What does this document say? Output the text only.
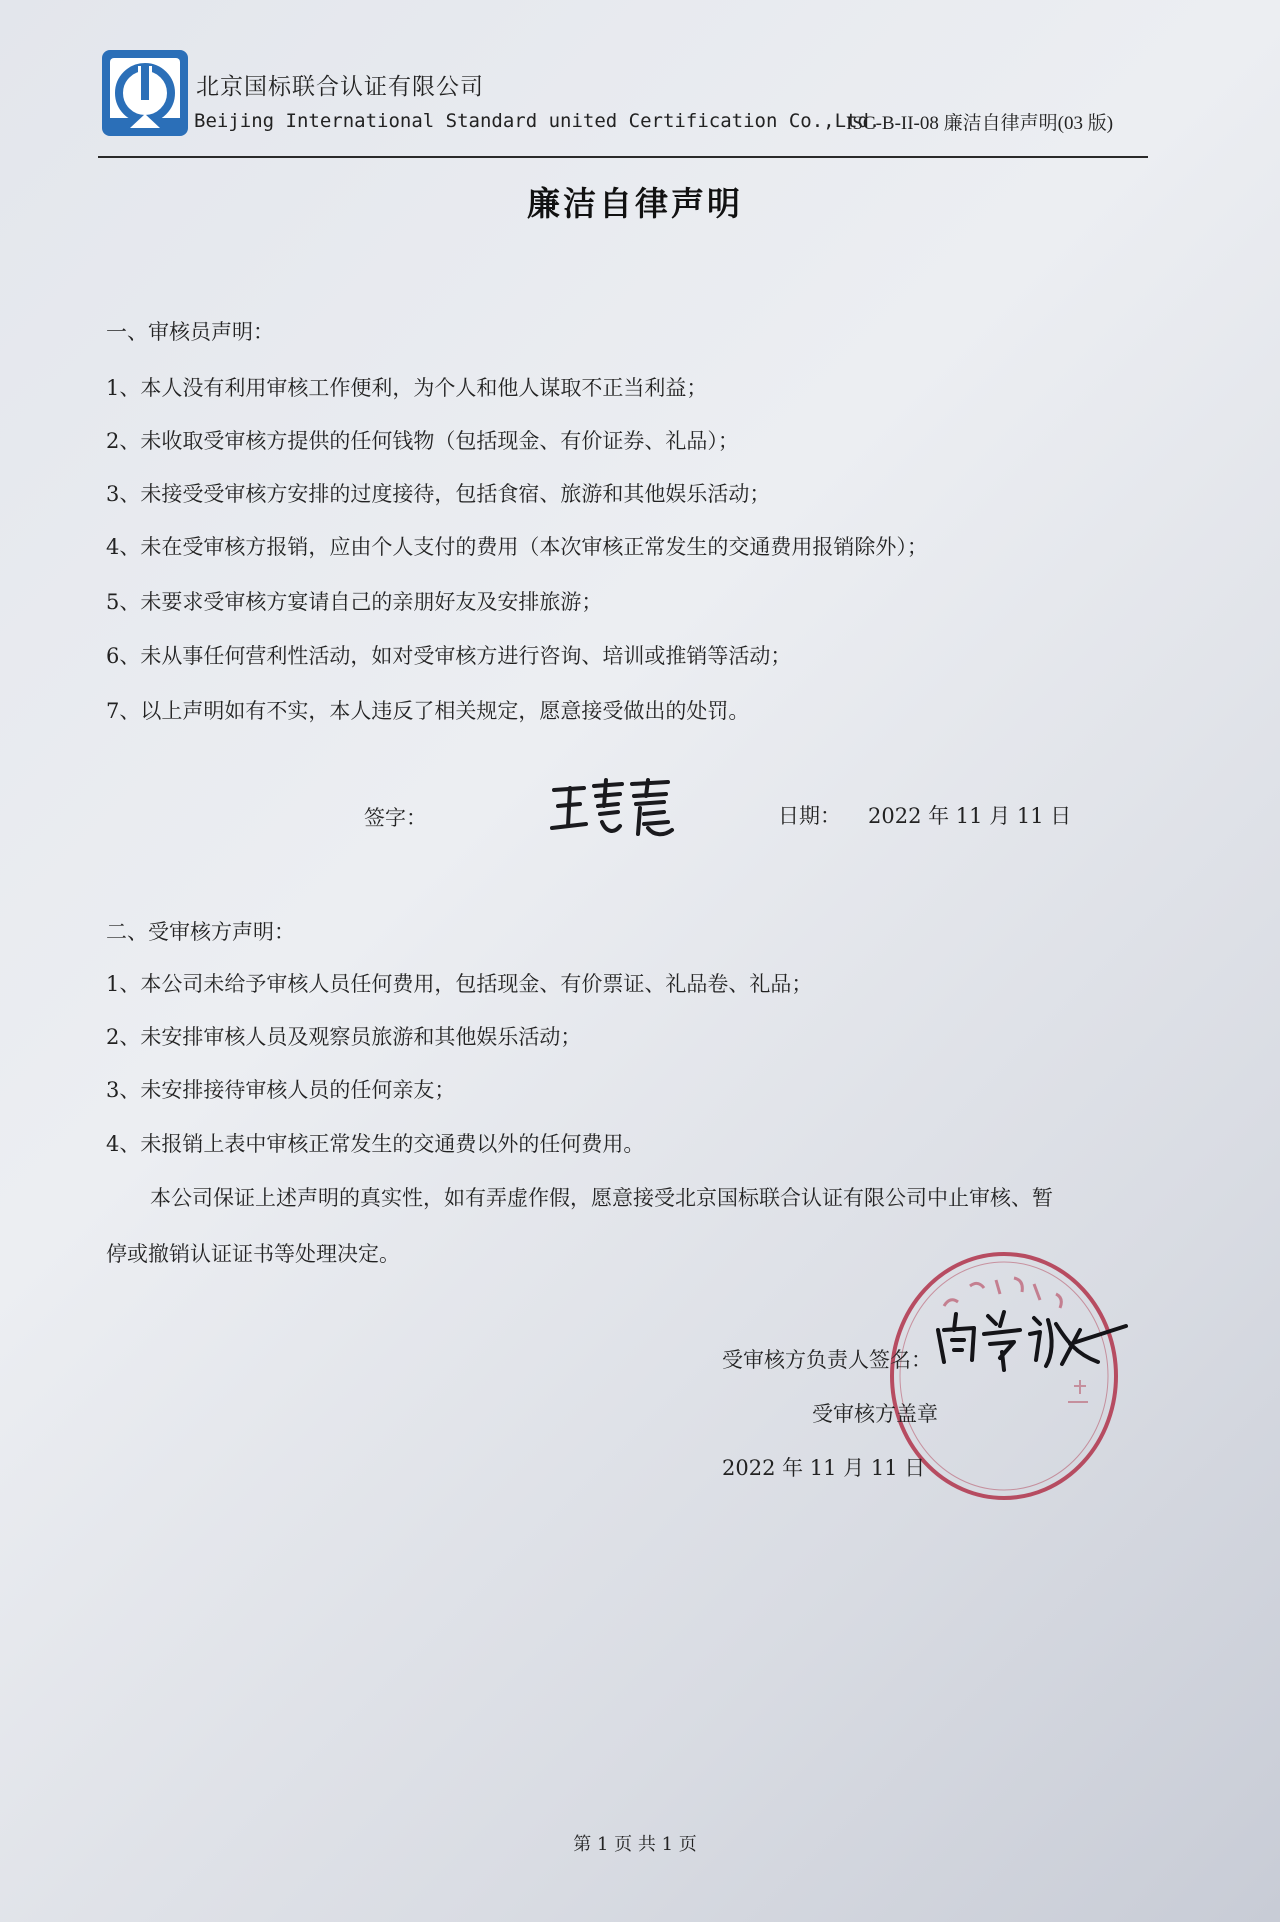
北京国标联合认证有限公司
Beijing International Standard united Certification Co.,Ltd.
ISC-B-II-08 廉洁自律声明(03 版)
廉洁自律声明
一、审核员声明：
1、本人没有利用审核工作便利，为个人和他人谋取不正当利益；
2、未收取受审核方提供的任何钱物（包括现金、有价证券、礼品）；
3、未接受受审核方安排的过度接待，包括食宿、旅游和其他娱乐活动；
4、未在受审核方报销，应由个人支付的费用（本次审核正常发生的交通费用报销除外）；
5、未要求受审核方宴请自己的亲朋好友及安排旅游；
6、未从事任何营利性活动，如对受审核方进行咨询、培训或推销等活动；
7、以上声明如有不实，本人违反了相关规定，愿意接受做出的处罚。
签字：	日期： 2022 年 11 月 11 日
二、受审核方声明：
1、本公司未给予审核人员任何费用，包括现金、有价票证、礼品卷、礼品；
2、未安排审核人员及观察员旅游和其他娱乐活动；
3、未安排接待审核人员的任何亲友；
4、未报销上表中审核正常发生的交通费以外的任何费用。
本公司保证上述声明的真实性，如有弄虚作假，愿意接受北京国标联合认证有限公司中止审核、暂
停或撤销认证证书等处理决定。
受审核方负责人签名：
受审核方盖章
2022 年 11 月 11 日
第 1 页 共 1 页
